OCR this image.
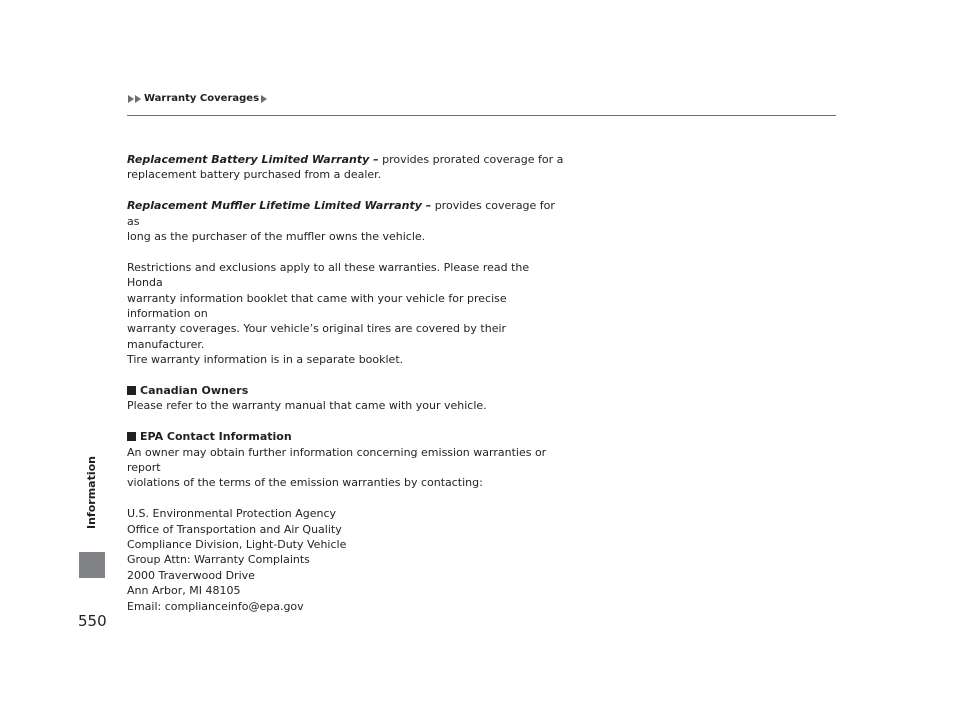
Warranty Coverages
Information
550

Replacement Battery Limited Warranty – provides prorated coverage for a

replacement battery purchased from a dealer.

Replacement Muffler Lifetime Limited Warranty – provides coverage for as

long as the purchaser of the muffler owns the vehicle.

Restrictions and exclusions apply to all these warranties. Please read the Honda

warranty information booklet that came with your vehicle for precise information on

warranty coverages. Your vehicle’s original tires are covered by their manufacturer.

Tire warranty information is in a separate booklet.

Canadian Owners

Please refer to the warranty manual that came with your vehicle.

EPA Contact Information

An owner may obtain further information concerning emission warranties or report

violations of the terms of the emission warranties by contacting:

U.S. Environmental Protection Agency

Office of Transportation and Air Quality

Compliance Division, Light-Duty Vehicle

Group Attn: Warranty Complaints

2000 Traverwood Drive

Ann Arbor, MI 48105

Email: complianceinfo@epa.gov
